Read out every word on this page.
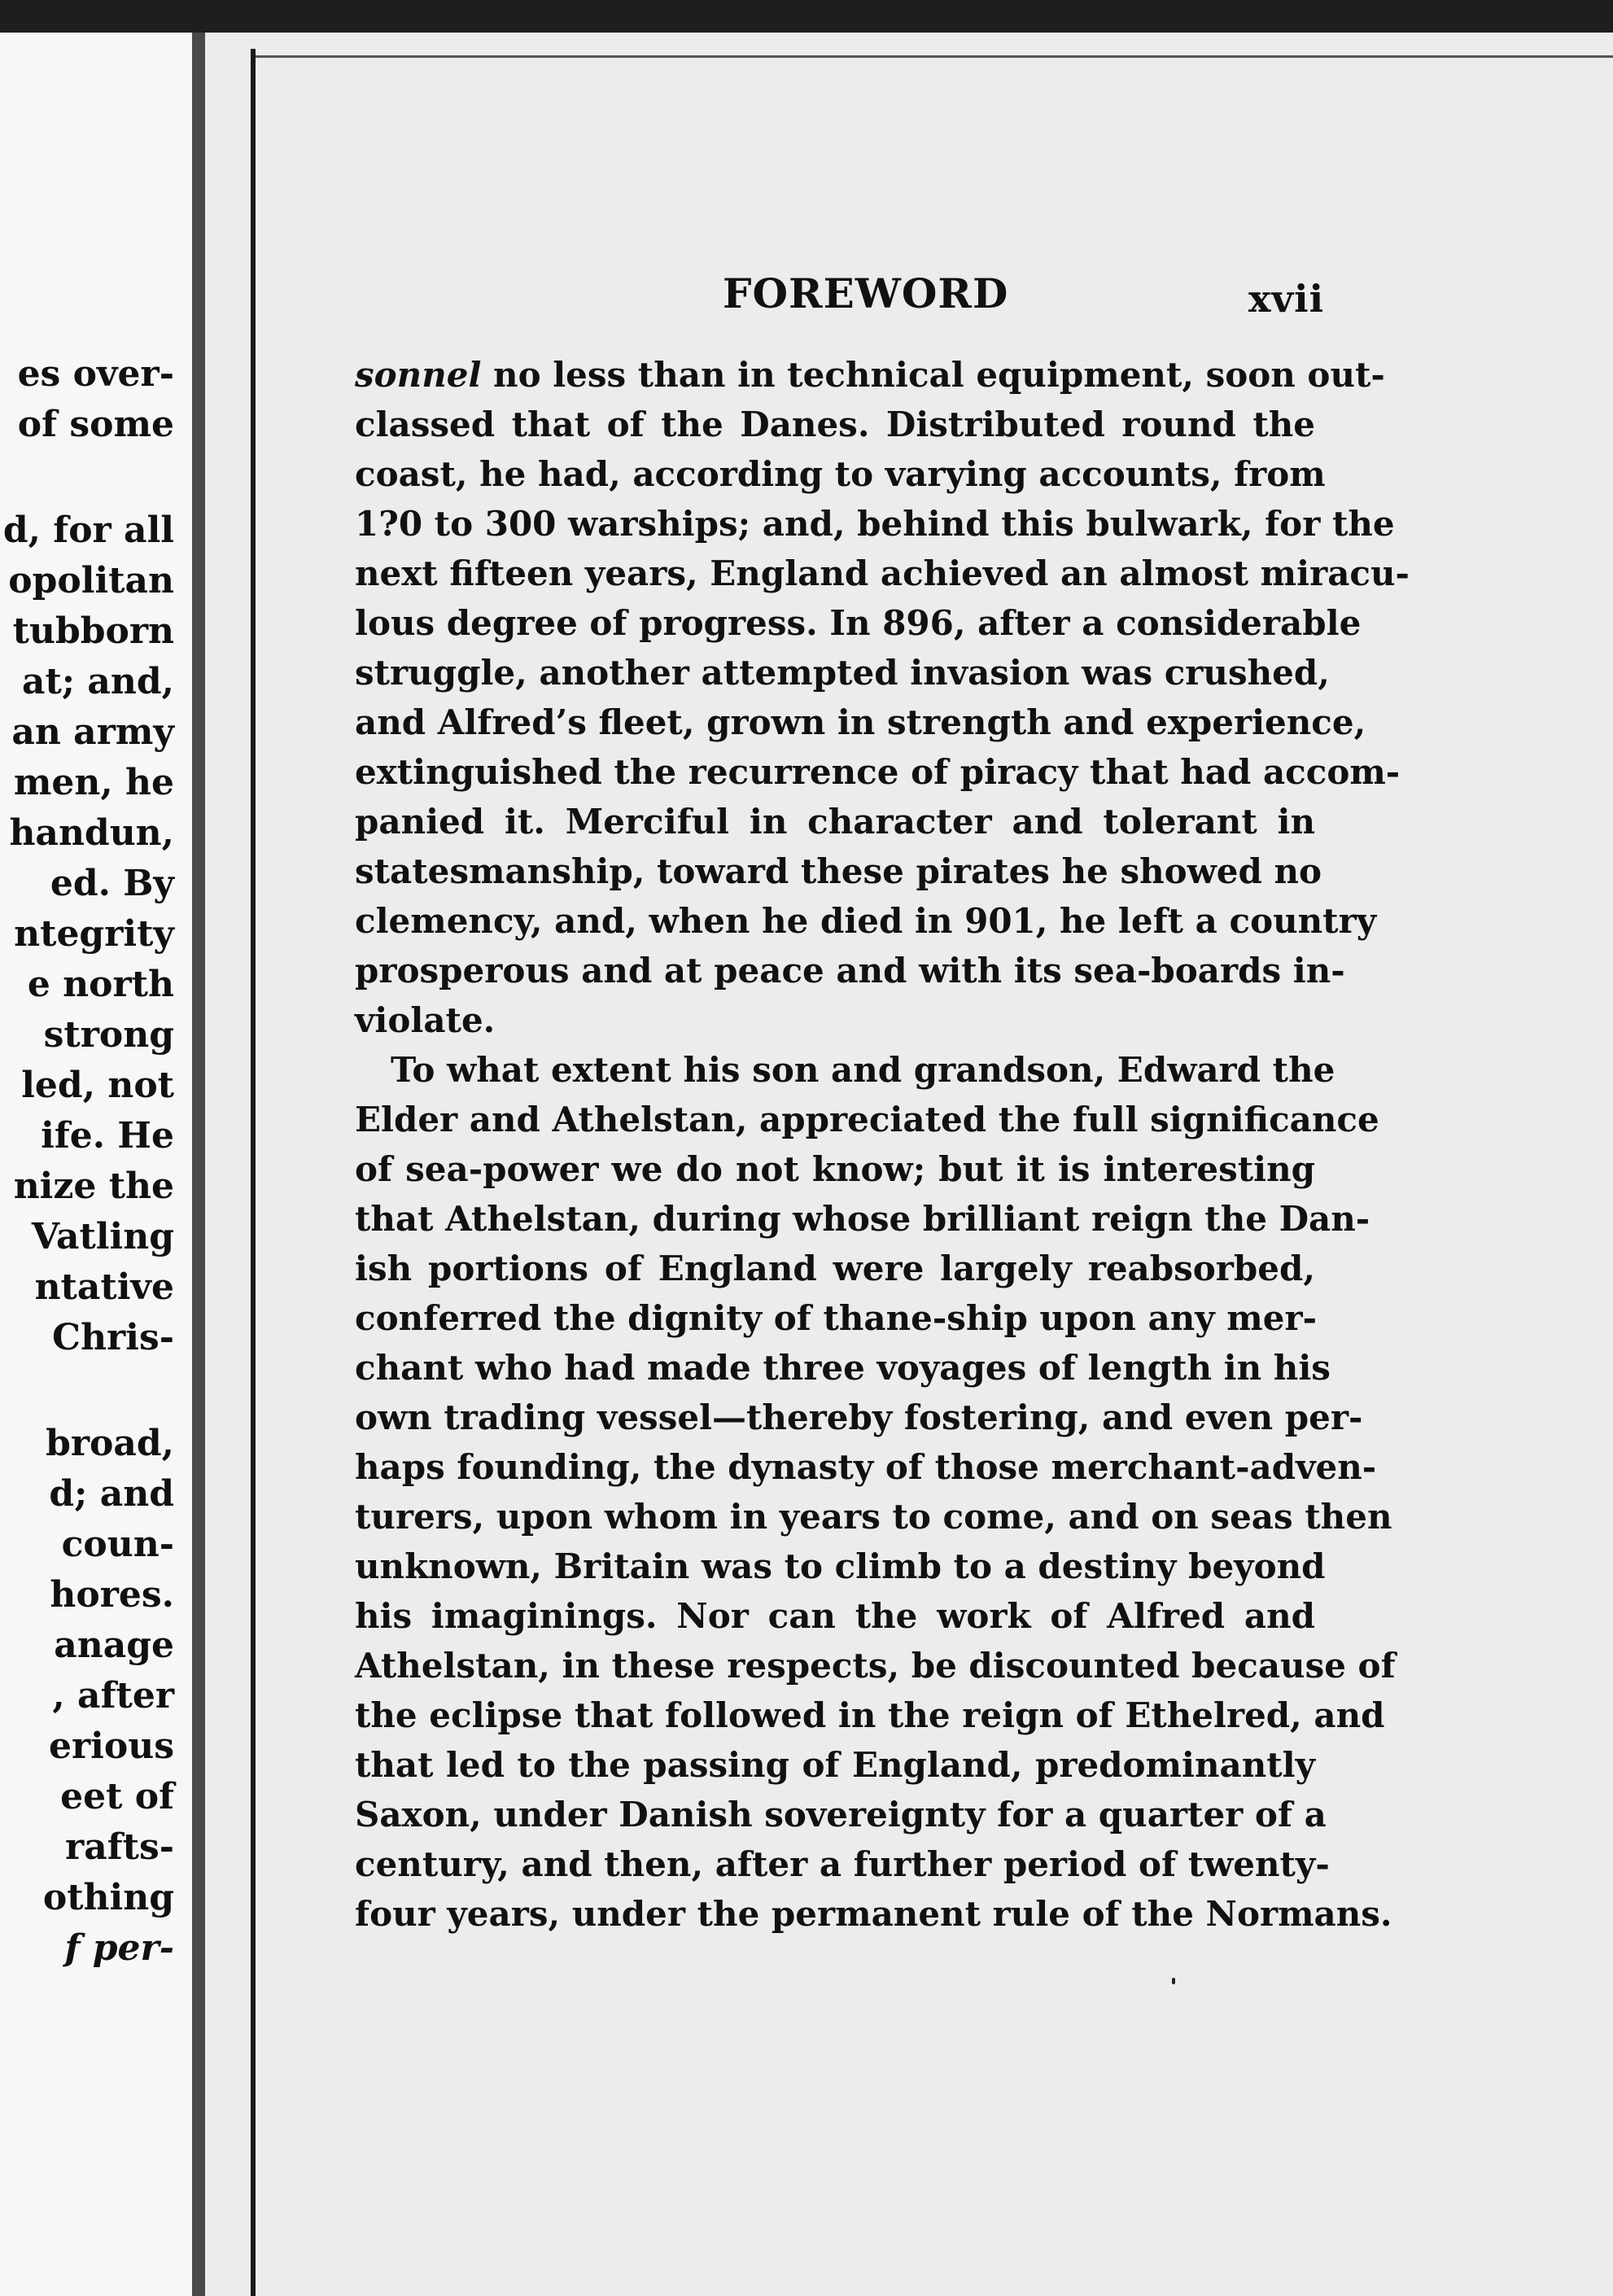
es over-
of some
d, for all
opolitan
tubborn
at; and,
an army
men, he
handun,
ed. By
ntegrity
e north
strong
led, not
ife. He
nize the
Vatling
ntative
Chris-
broad,
d; and
coun-
hores.
anage
, after
erious
eet of
rafts-
othing
f per-
FOREWORD	xvii
sonnel no less than in technical equipment, soon out-
classed that of the Danes. Distributed round the
coast, he had, according to varying accounts, from
1?0 to 300 warships; and, behind this bulwark, for the
next fifteen years, England achieved an almost miracu-
lous degree of progress. In 896, after a considerable
struggle, another attempted invasion was crushed,
and Alfred’s fleet, grown in strength and experience,
extinguished the recurrence of piracy that had accom-
panied it. Merciful in character and tolerant in
statesmanship, toward these pirates he showed no
clemency, and, when he died in 901, he left a country
prosperous and at peace and with its sea-boards in-
violate.
To what extent his son and grandson, Edward the
Elder and Athelstan, appreciated the full significance
of sea-power we do not know; but it is interesting
that Athelstan, during whose brilliant reign the Dan-
ish portions of England were largely reabsorbed,
conferred the dignity of thane-ship upon any mer-
chant who had made three voyages of length in his
own trading vessel—thereby fostering, and even per-
haps founding, the dynasty of those merchant-adven-
turers, upon whom in years to come, and on seas then
unknown, Britain was to climb to a destiny beyond
his imaginings. Nor can the work of Alfred and
Athelstan, in these respects, be discounted because of
the eclipse that followed in the reign of Ethelred, and
that led to the passing of England, predominantly
Saxon, under Danish sovereignty for a quarter of a
century, and then, after a further period of twenty-
four years, under the permanent rule of the Normans.
